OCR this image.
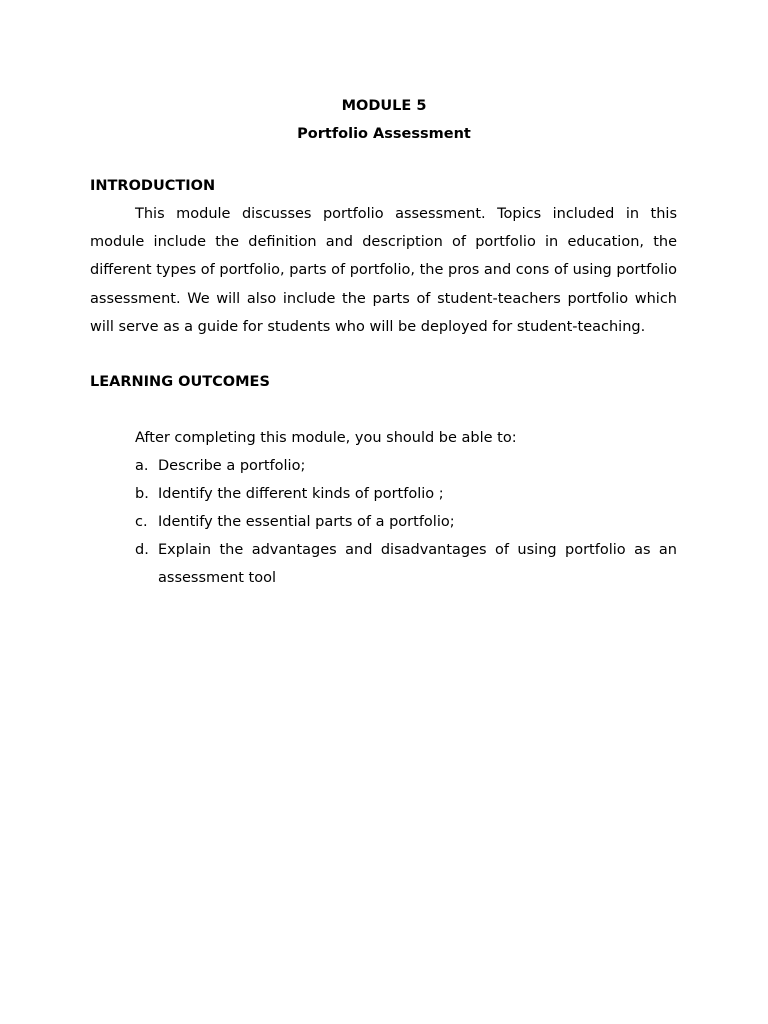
MODULE 5
Portfolio Assessment
INTRODUCTION
This module discusses portfolio assessment. Topics included in this module include the definition and description of portfolio in education, the different types of portfolio, parts of portfolio, the pros and cons of using portfolio assessment. We will also include the parts of student-teachers portfolio which will serve as a guide for students who will be deployed for student-teaching.
LEARNING OUTCOMES
After completing this module, you should be able to:
a. Describe a portfolio;
b. Identify the different kinds of portfolio ;
c. Identify the essential parts of a portfolio;
d. Explain the advantages and disadvantages of using portfolio as an assessment tool
